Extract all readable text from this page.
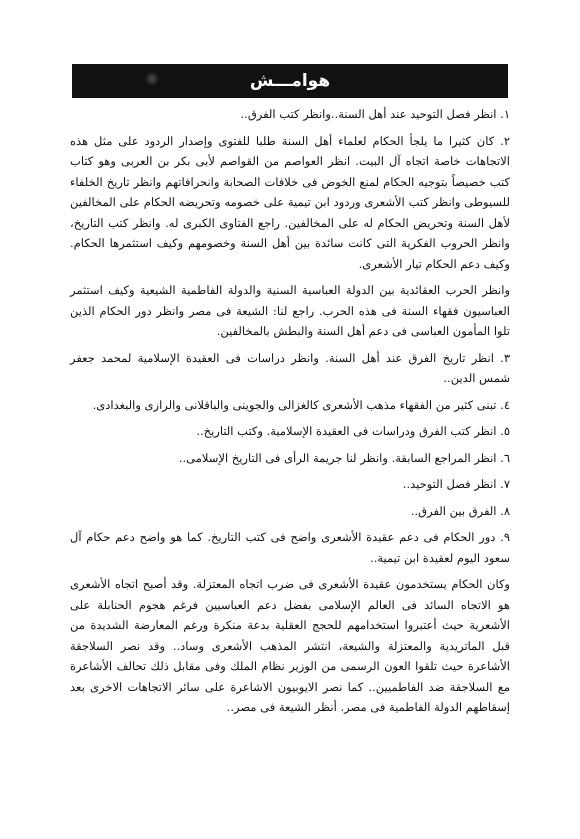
هوامـــش

١. انظر فصل التوحيد عند أهل السنة..وانظر كتب الفرق..

٢. كان كثيرا ما يلجأ الحكام لعلماء أهل السنة طلبا للفتوى وإصدار الردود على مثل هذه الاتجاهات خاصة اتجاه آل البيت. انظر العواصم من القواصم لأبى بكر بن العربى وهو كتاب كتب خصيصاً بتوجيه الحكام لمنع الخوض فى خلافات الصحابة وانحرافاتهم وانظر تاريخ الخلفاء للسيوطى وانظر كتب الأشعرى وردود ابن تيمية على خصومه وتحريضه الحكام على المخالفين لأهل السنة وتحريض الحكام له على المخالفين. راجع الفتاوى الكبرى له. وانظر كتب التاريخ، وانظر الحروب الفكرية التى كانت سائدة بين أهل السنة وخصومهم وكيف استثمرها الحكام. وكيف دعم الحكام تيار الأشعرى.

وانظر الحرب العقائدية بين الدولة العباسية السنية والدولة الفاطمية الشيعية وكيف استثمر العباسيون فقهاء السنة فى هذه الحرب. راجع لنا: الشيعة فى مصر وانظر دور الحكام الذين تلوا المأمون العباسى فى دعم أهل السنة والبطش بالمخالفين.

٣. انظر تاريخ الفرق عند أهل السنة. وانظر دراسات فى العقيدة الإسلامية لمحمد جعفر شمس الدين..

٤. تبنى كثير من الفقهاء مذهب الأشعرى كالغزالى والجوينى والباقلانى والرازى والبغدادى.

٥. انظر كتب الفرق ودراسات فى العقيدة الإسلامية. وكتب التاريخ..

٦. انظر المراجع السابقة. وانظر لنا جريمة الرأى فى التاريخ الإسلامى..

٧. انظر فصل التوحيد..

٨. الفرق بين الفرق..

٩. دور الحكام فى دعم عقيدة الأشعرى واضح فى كتب التاريخ. كما هو واضح دعم حكام آل سعود اليوم لعقيدة ابن تيمية..

وكان الحكام يستخدمون عقيدة الأشعرى فى ضرب اتجاه المعتزلة. وقد أصبح اتجاه الأشعرى هو الاتجاه السائد فى العالم الإسلامى بفضل دعم العباسيين فرغم هجوم الحنابلة على الأشعرية حيث أعتبروا استخدامهم للحجج العقلية بدعة منكرة ورغم المعارضة الشديدة من قبل الماتريدية والمعتزلة والشيعة، انتشر المذهب الأشعرى وساد.. وقد نصر السلاجقة الأشاعرة حيث تلقوا العون الرسمى من الوزير نظام الملك وفى مقابل ذلك تحالف الأشاعرة مع السلاجقة ضد الفاطميين.. كما نصر الايوبيون الاشاعرة على سائر الاتجاهات الاخرى بعد إسقاطهم الدولة الفاطمية فى مصر. أنظر الشيعة فى مصر..
